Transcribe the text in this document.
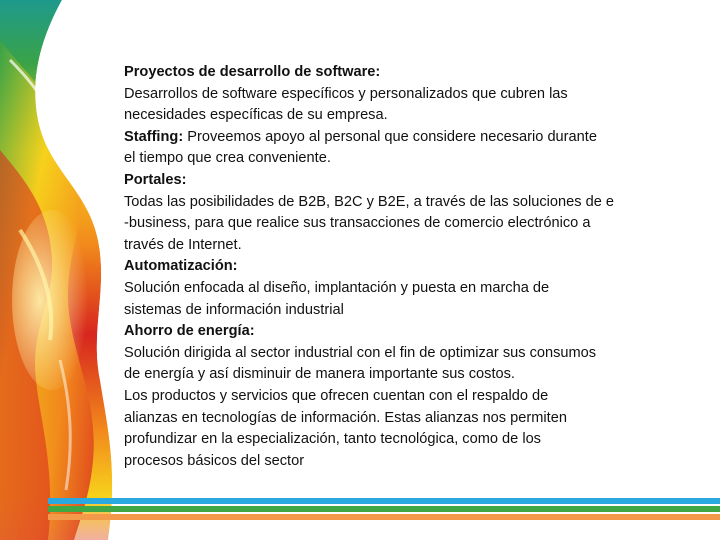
Proyectos de desarrollo de software:
Desarrollos de software específicos y personalizados que cubren las
necesidades específicas de su empresa.

Staffing: Proveemos apoyo al personal que considere necesario durante
el tiempo que crea conveniente.

Portales:
Todas las posibilidades de B2B, B2C y B2E, a través de las soluciones de e
-business, para que realice sus transacciones de comercio electrónico a
través de Internet.

Automatización:
Solución enfocada al diseño, implantación y puesta en marcha de
sistemas de información industrial

Ahorro de energía:
Solución dirigida al sector industrial con el fin de optimizar sus consumos
de energía y así disminuir de manera importante sus costos.

Los productos y servicios que ofrecen cuentan con el respaldo de
alianzas en tecnologías de información. Estas alianzas nos permiten
profundizar en la especialización, tanto tecnológica, como de los
procesos básicos del sector
